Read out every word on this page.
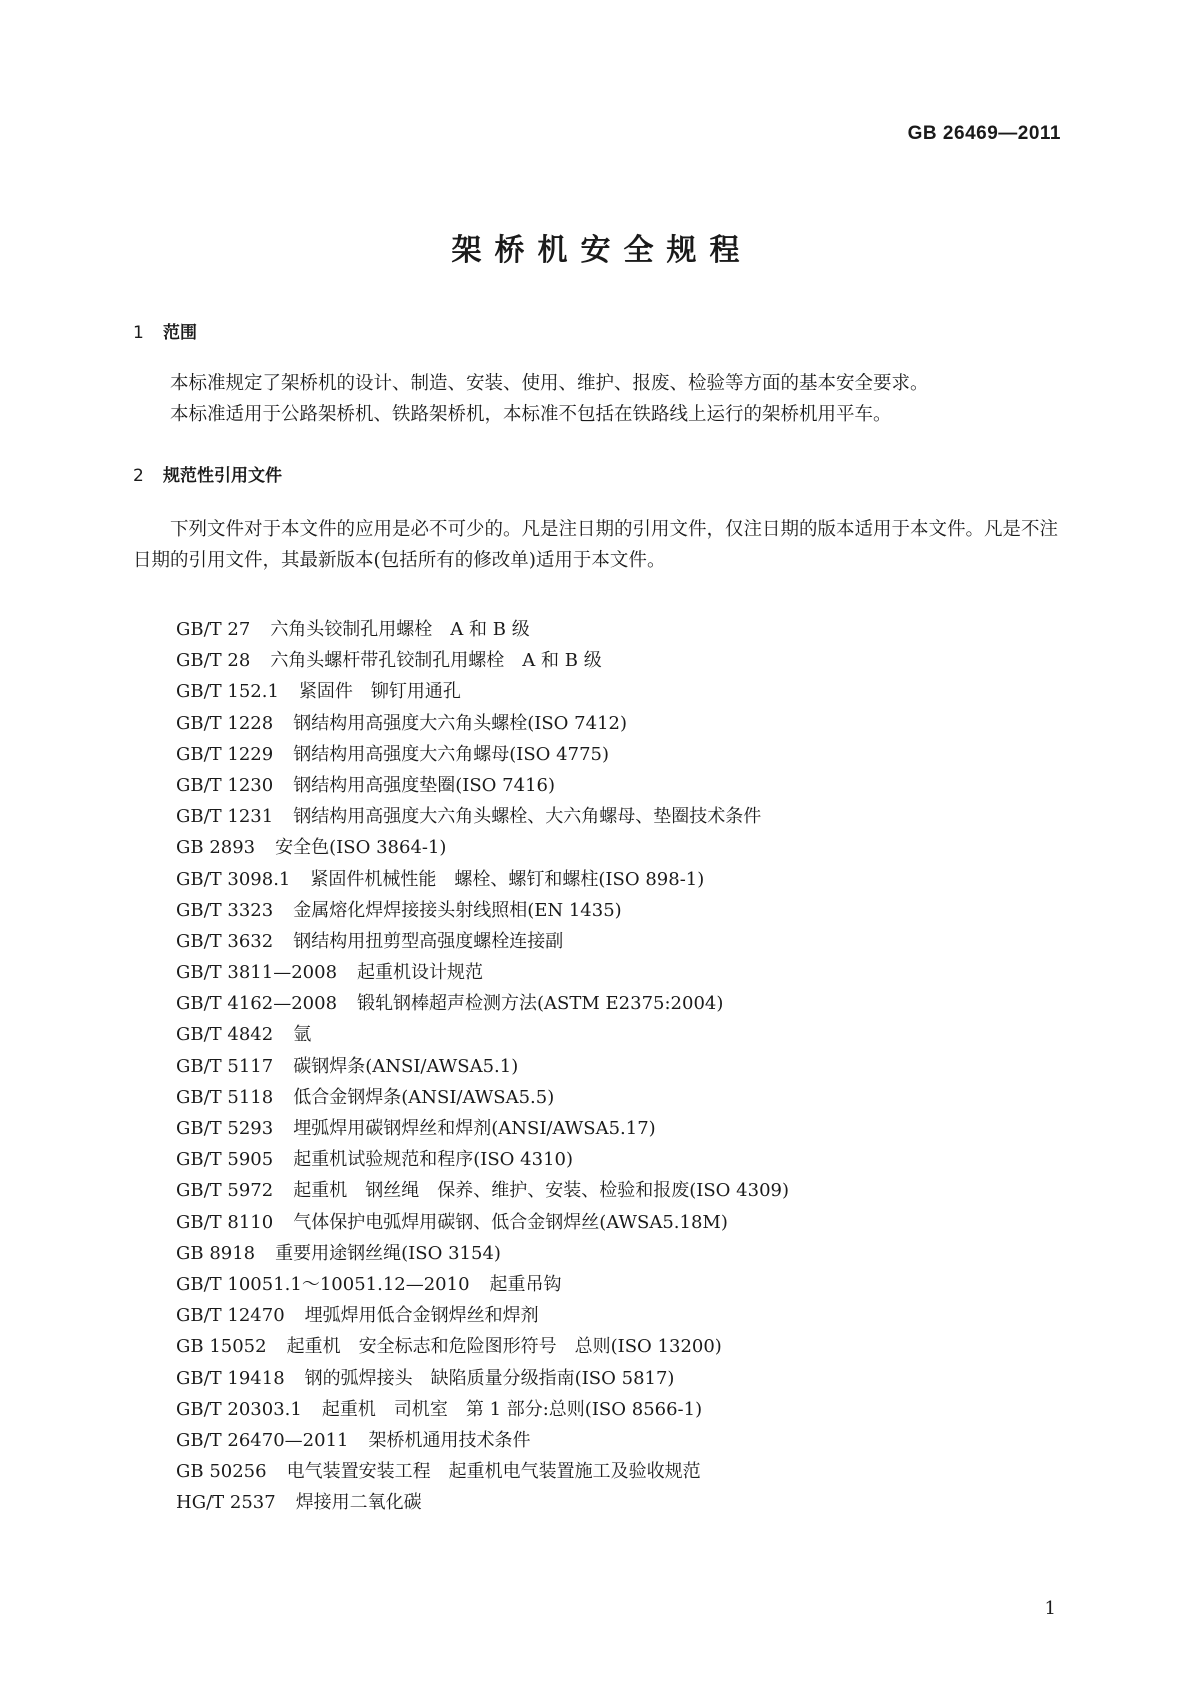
GB 26469—2011
架桥机安全规程
1 范围
本标准规定了架桥机的设计、制造、安装、使用、维护、报废、检验等方面的基本安全要求。
本标准适用于公路架桥机、铁路架桥机，本标准不包括在铁路线上运行的架桥机用平车。
2 规范性引用文件
下列文件对于本文件的应用是必不可少的。凡是注日期的引用文件，仅注日期的版本适用于本文件。凡是不注日期的引用文件，其最新版本(包括所有的修改单)适用于本文件。
GB/T 27 六角头铰制孔用螺栓　A 和 B 级
GB/T 28 六角头螺杆带孔铰制孔用螺栓　A 和 B 级
GB/T 152.1 紧固件　铆钉用通孔
GB/T 1228 钢结构用高强度大六角头螺栓(ISO 7412)
GB/T 1229 钢结构用高强度大六角螺母(ISO 4775)
GB/T 1230 钢结构用高强度垫圈(ISO 7416)
GB/T 1231 钢结构用高强度大六角头螺栓、大六角螺母、垫圈技术条件
GB 2893 安全色(ISO 3864-1)
GB/T 3098.1 紧固件机械性能　螺栓、螺钉和螺柱(ISO 898-1)
GB/T 3323 金属熔化焊焊接接头射线照相(EN 1435)
GB/T 3632 钢结构用扭剪型高强度螺栓连接副
GB/T 3811—2008 起重机设计规范
GB/T 4162—2008 锻轧钢棒超声检测方法(ASTM E2375:2004)
GB/T 4842 氩
GB/T 5117 碳钢焊条(ANSI/AWSA5.1)
GB/T 5118 低合金钢焊条(ANSI/AWSA5.5)
GB/T 5293 埋弧焊用碳钢焊丝和焊剂(ANSI/AWSA5.17)
GB/T 5905 起重机试验规范和程序(ISO 4310)
GB/T 5972 起重机　钢丝绳　保养、维护、安装、检验和报废(ISO 4309)
GB/T 8110 气体保护电弧焊用碳钢、低合金钢焊丝(AWSA5.18M)
GB 8918 重要用途钢丝绳(ISO 3154)
GB/T 10051.1～10051.12—2010 起重吊钩
GB/T 12470 埋弧焊用低合金钢焊丝和焊剂
GB 15052 起重机　安全标志和危险图形符号　总则(ISO 13200)
GB/T 19418 钢的弧焊接头　缺陷质量分级指南(ISO 5817)
GB/T 20303.1 起重机　司机室　第 1 部分:总则(ISO 8566-1)
GB/T 26470—2011 架桥机通用技术条件
GB 50256 电气装置安装工程　起重机电气装置施工及验收规范
HG/T 2537 焊接用二氧化碳
1
